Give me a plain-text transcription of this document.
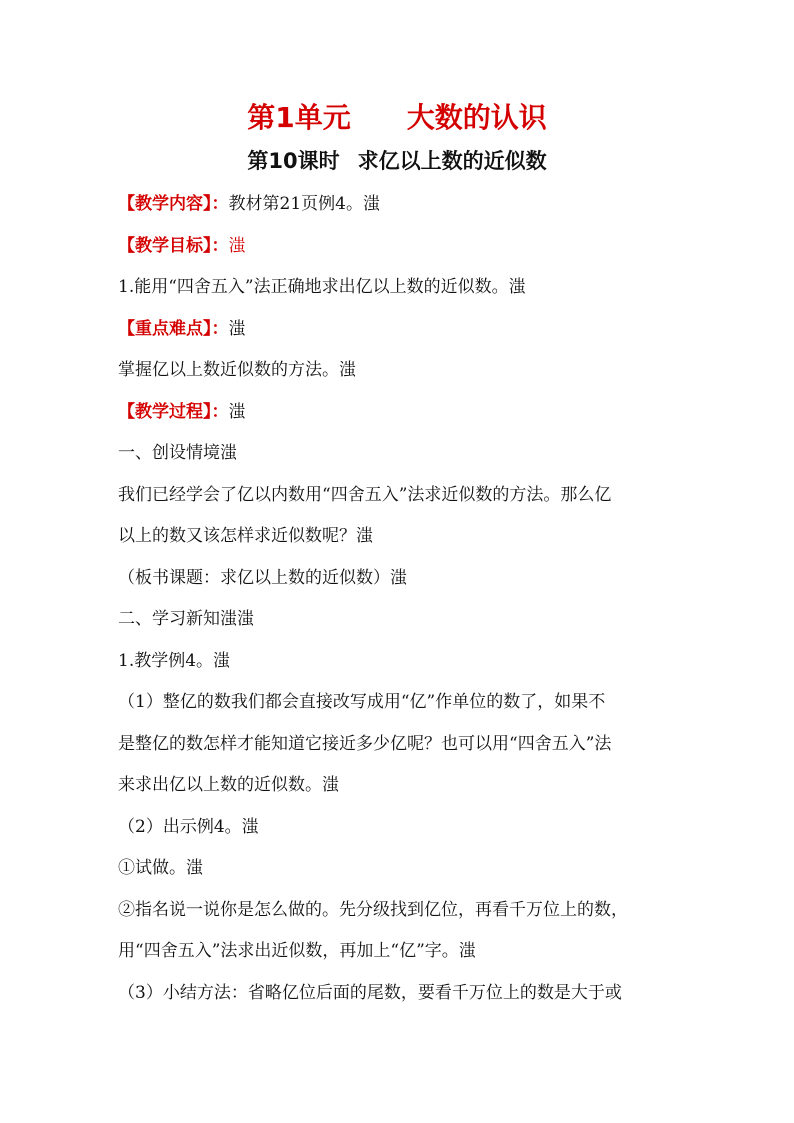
第1单元 大数的认识
第10课时 求亿以上数的近似数
【教学内容】：教材第21页例4。滍
【教学目标】：滍
1.能用“四舍五入”法正确地求出亿以上数的近似数。滍
【重点难点】：滍
掌握亿以上数近似数的方法。滍
【教学过程】：滍
一、创设情境滍
我们已经学会了亿以内数用“四舍五入”法求近似数的方法。那么亿
以上的数又该怎样求近似数呢？滍
（板书课题：求亿以上数的近似数）滍
二、学习新知滍滍
1.教学例4。滍
（1）整亿的数我们都会直接改写成用“亿”作单位的数了，如果不
是整亿的数怎样才能知道它接近多少亿呢？也可以用“四舍五入”法
来求出亿以上数的近似数。滍
（2）出示例4。滍
①试做。滍
②指名说一说你是怎么做的。先分级找到亿位，再看千万位上的数，
用“四舍五入”法求出近似数，再加上“亿”字。滍
（3）小结方法：省略亿位后面的尾数，要看千万位上的数是大于或
